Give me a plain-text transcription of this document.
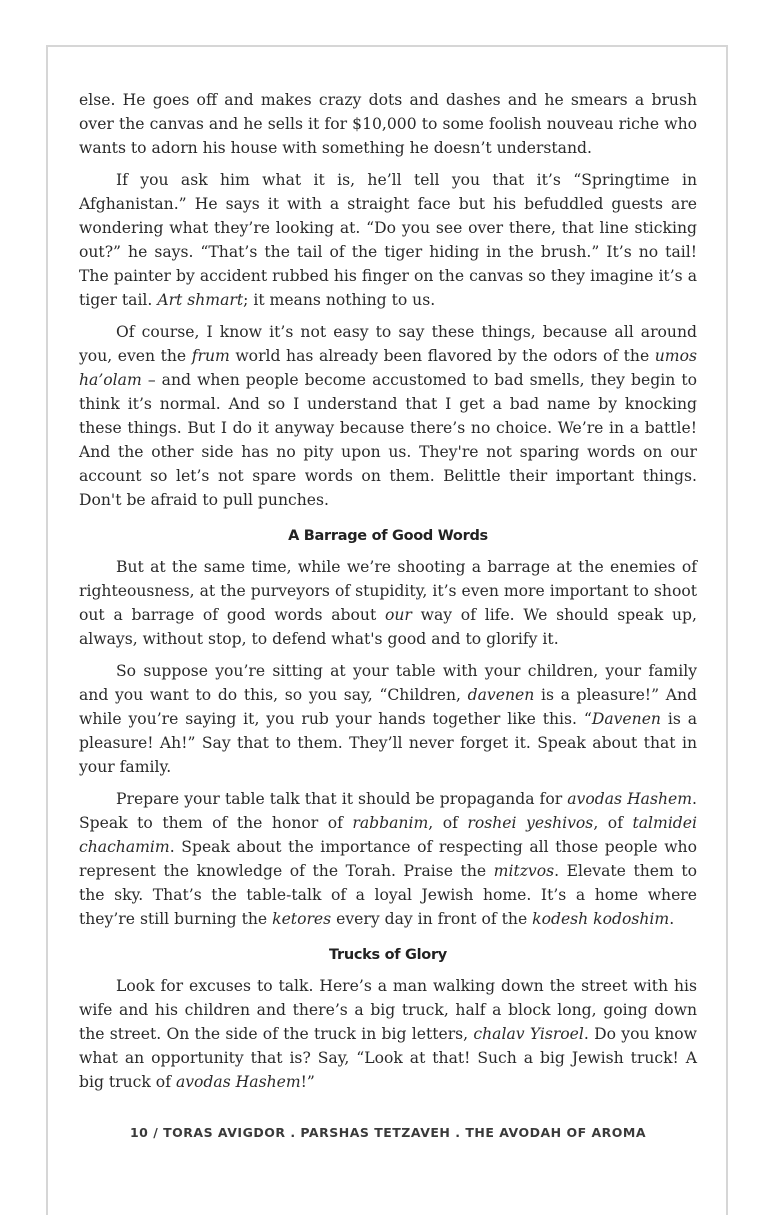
else. He goes off and makes crazy dots and dashes and he smears a brush over the canvas and he sells it for $10,000 to some foolish nouveau riche who wants to adorn his house with something he doesn’t understand.

If you ask him what it is, he’ll tell you that it’s “Springtime in Afghanistan.” He says it with a straight face but his befuddled guests are wondering what they’re looking at. “Do you see over there, that line sticking out?” he says. “That’s the tail of the tiger hiding in the brush.” It’s no tail! The painter by accident rubbed his finger on the canvas so they imagine it’s a tiger tail. Art shmart; it means nothing to us.

Of course, I know it’s not easy to say these things, because all around you, even the frum world has already been flavored by the odors of the umos ha’olam – and when people become accustomed to bad smells, they begin to think it’s normal. And so I understand that I get a bad name by knocking these things. But I do it anyway because there’s no choice. We’re in a battle! And the other side has no pity upon us. They're not sparing words on our account so let’s not spare words on them. Belittle their important things. Don't be afraid to pull punches.

A Barrage of Good Words

But at the same time, while we’re shooting a barrage at the enemies of righteousness, at the purveyors of stupidity, it’s even more important to shoot out a barrage of good words about our way of life. We should speak up, always, without stop, to defend what's good and to glorify it.

So suppose you’re sitting at your table with your children, your family and you want to do this, so you say, “Children, davenen is a pleasure!” And while you’re saying it, you rub your hands together like this. “Davenen is a pleasure! Ah!” Say that to them. They’ll never forget it. Speak about that in your family.

Prepare your table talk that it should be propaganda for avodas Hashem. Speak to them of the honor of rabbanim, of roshei yeshivos, of talmidei chachamim. Speak about the importance of respecting all those people who represent the knowledge of the Torah. Praise the mitzvos. Elevate them to the sky. That’s the table-talk of a loyal Jewish home. It’s a home where they’re still burning the ketores every day in front of the kodesh kodoshim.

Trucks of Glory

Look for excuses to talk. Here’s a man walking down the street with his wife and his children and there’s a big truck, half a block long, going down the street. On the side of the truck in big letters, chalav Yisroel. Do you know what an opportunity that is? Say, “Look at that! Such a big Jewish truck! A big truck of avodas Hashem!”

10 / TORAS AVIGDOR . PARSHAS TETZAVEH . THE AVODAH OF AROMA
